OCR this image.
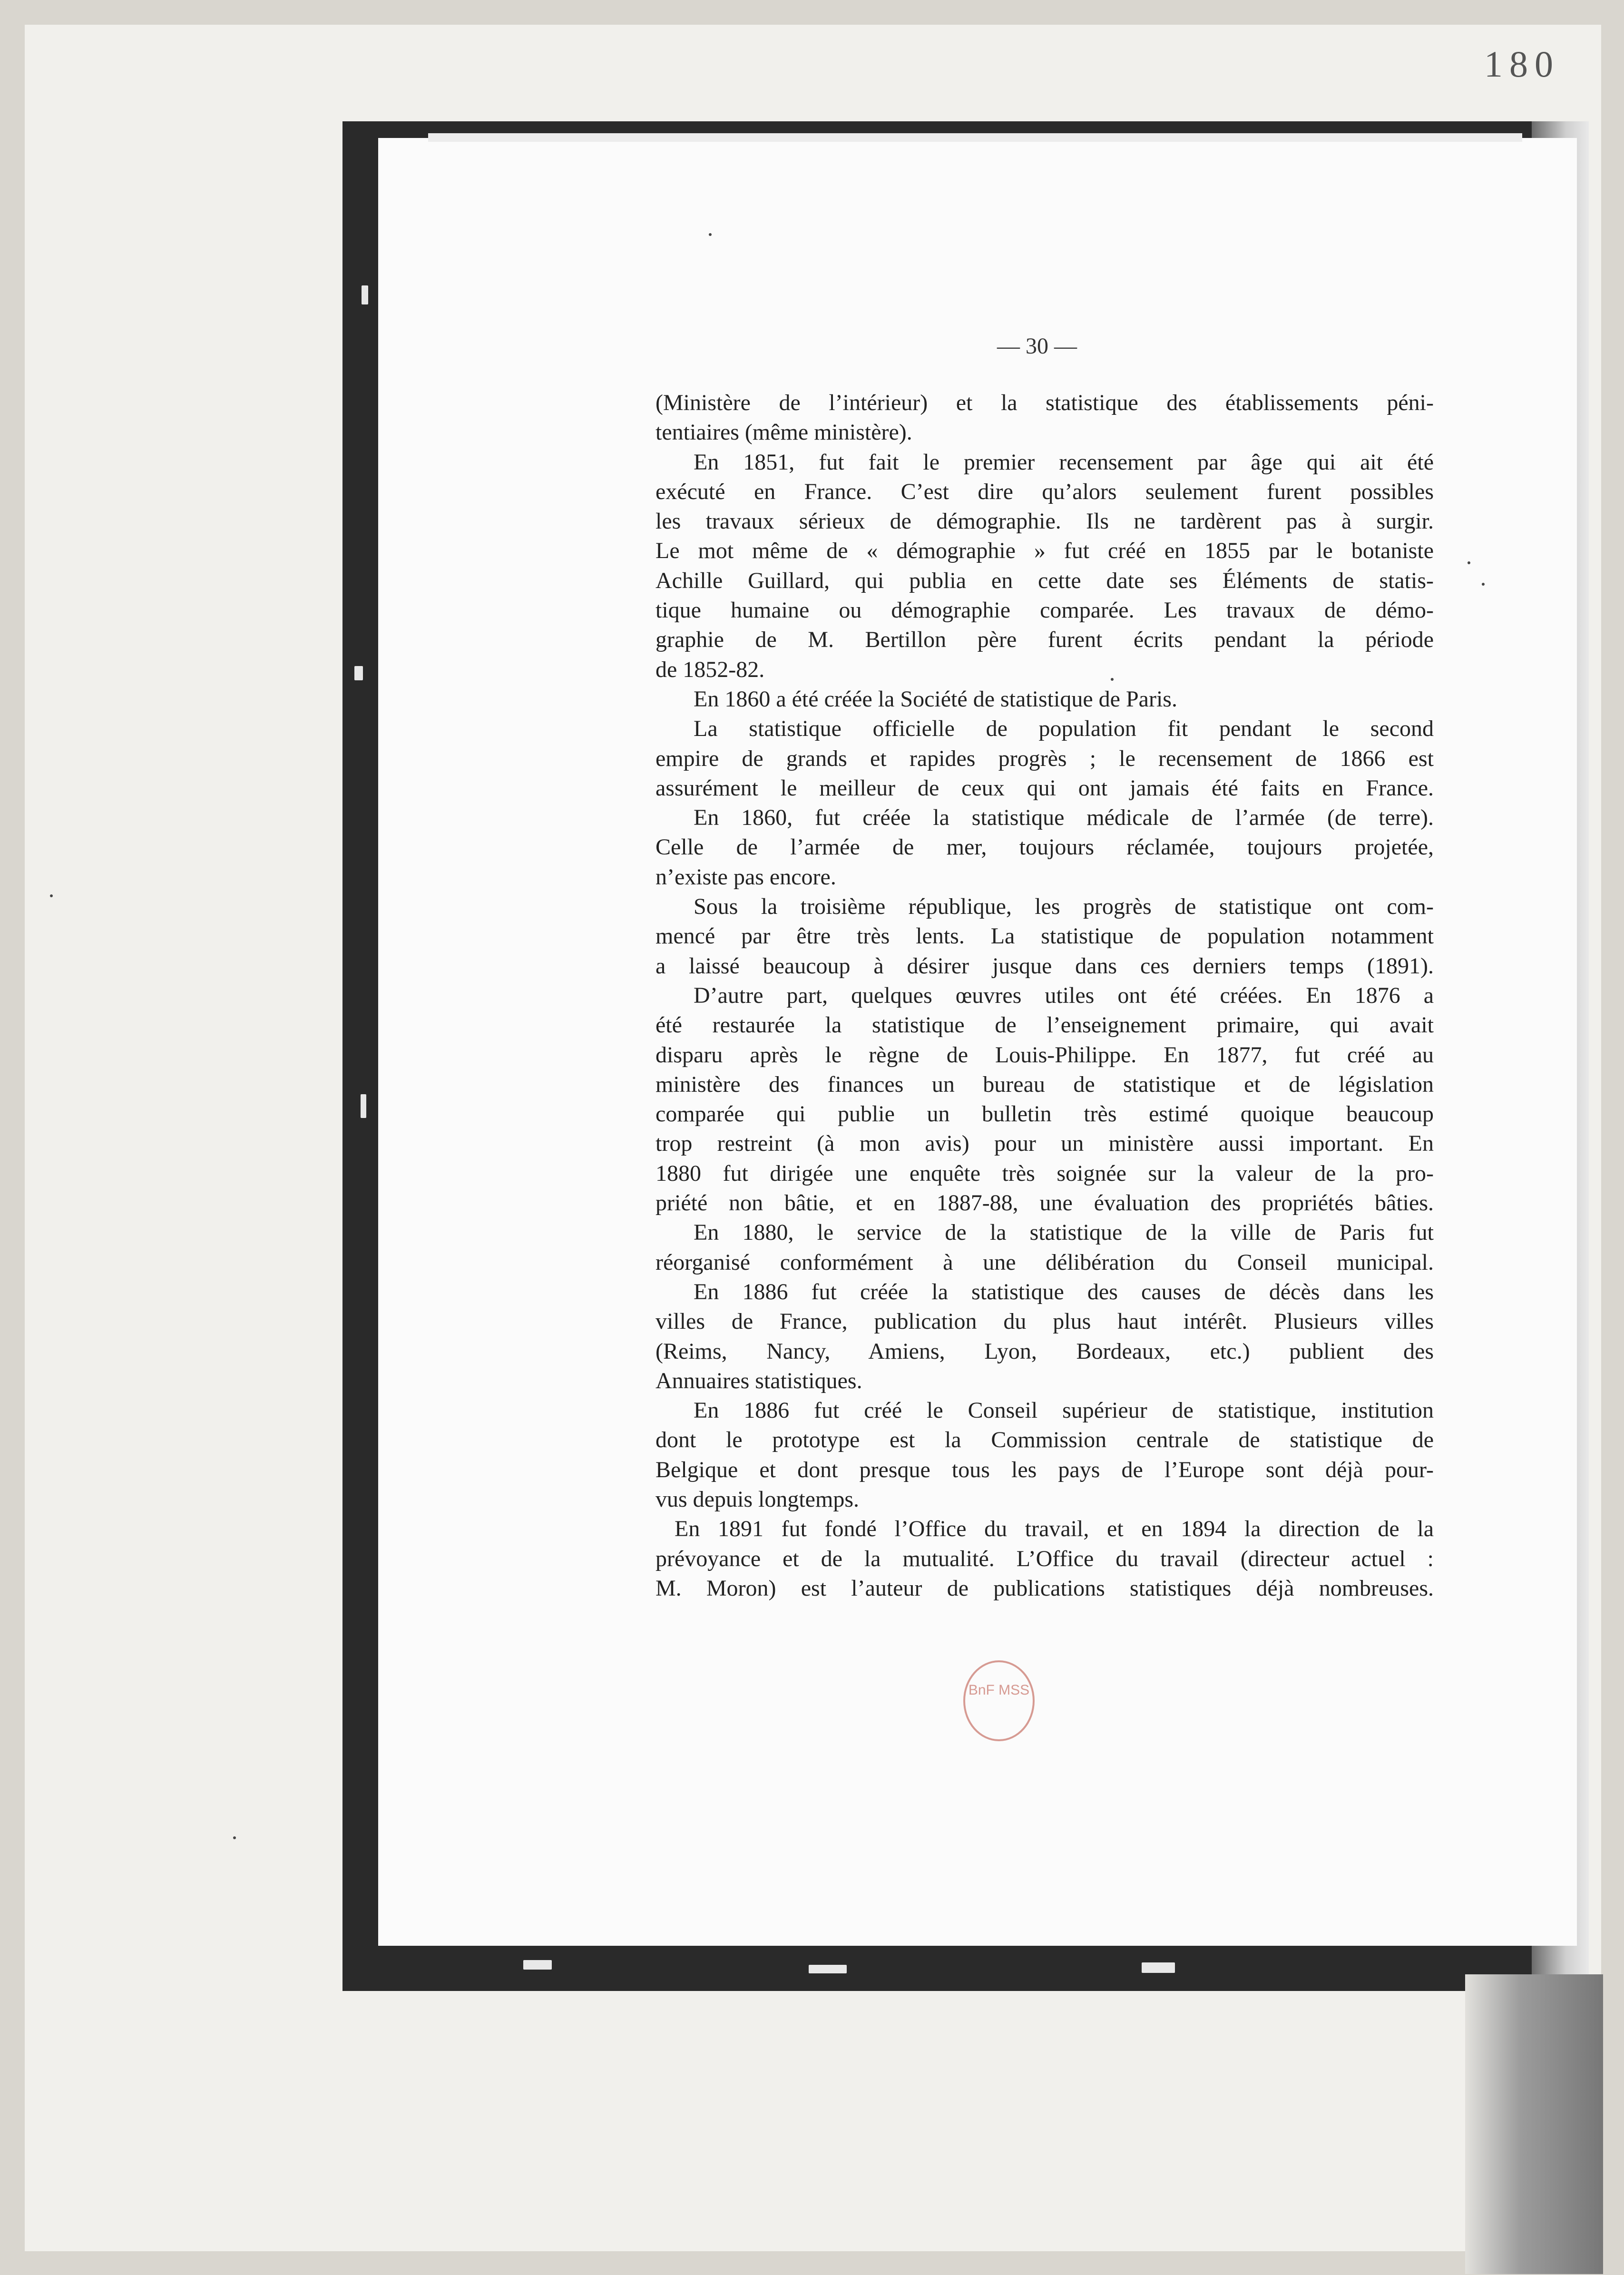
180
— 30 —
(Ministère de l’intérieur) et la statistique des établissements péni-
tentiaires (même ministère).
En 1851, fut fait le premier recensement par âge qui ait été
exécuté en France. C’est dire qu’alors seulement furent possibles
les travaux sérieux de démographie. Ils ne tardèrent pas à surgir.
Le mot même de « démographie » fut créé en 1855 par le botaniste
Achille Guillard, qui publia en cette date ses Éléments de statis-
tique humaine ou démographie comparée. Les travaux de démo-
graphie de M. Bertillon père furent écrits pendant la période
de 1852-82.
En 1860 a été créée la Société de statistique de Paris.
La statistique officielle de population fit pendant le second
empire de grands et rapides progrès ; le recensement de 1866 est
assurément le meilleur de ceux qui ont jamais été faits en France.
En 1860, fut créée la statistique médicale de l’armée (de terre).
Celle de l’armée de mer, toujours réclamée, toujours projetée,
n’existe pas encore.
Sous la troisième république, les progrès de statistique ont com-
mencé par être très lents. La statistique de population notamment
a laissé beaucoup à désirer jusque dans ces derniers temps (1891).
D’autre part, quelques œuvres utiles ont été créées. En 1876 a
été restaurée la statistique de l’enseignement primaire, qui avait
disparu après le règne de Louis-Philippe. En 1877, fut créé au
ministère des finances un bureau de statistique et de législation
comparée qui publie un bulletin très estimé quoique beaucoup
trop restreint (à mon avis) pour un ministère aussi important. En
1880 fut dirigée une enquête très soignée sur la valeur de la pro-
priété non bâtie, et en 1887-88, une évaluation des propriétés bâties.
En 1880, le service de la statistique de la ville de Paris fut
réorganisé conformément à une délibération du Conseil municipal.
En 1886 fut créée la statistique des causes de décès dans les
villes de France, publication du plus haut intérêt. Plusieurs villes
(Reims, Nancy, Amiens, Lyon, Bordeaux, etc.) publient des
Annuaires statistiques.
En 1886 fut créé le Conseil supérieur de statistique, institution
dont le prototype est la Commission centrale de statistique de
Belgique et dont presque tous les pays de l’Europe sont déjà pour-
vus depuis longtemps.
En 1891 fut fondé l’Office du travail, et en 1894 la direction de la
prévoyance et de la mutualité. L’Office du travail (directeur actuel :
M. Moron) est l’auteur de publications statistiques déjà nombreuses.
BnF MSS
